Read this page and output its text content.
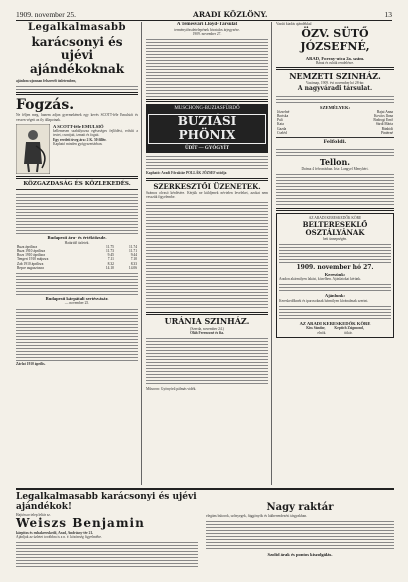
1909. november 25.	ARADI KÖZLÖNY.	13
Legalkalmasabb
karácsonyi és ujévi ajándékoknak
ajánlom ujonnan felszerelt üzletemben,
Fogzás.
Ne féljen meg, hanem adjon gyermekének egy kevés SCOTT-féle Emulsiót és vessen végett az ily állapotnak.
A SCOTT-féle EMULSIÓ
kellemesen szabályozza egészséges fejlődést, erősíti a testet, csontjait, izmait és fogait.
Egy eredeti üveg ára: 2 K. 50 fillér.
Kapható minden gyógyszertárban.
KÖZGAZDASÁG ÉS KÖZLEKEDÉS.
Budapesti áru- és értéktőzsde.
Határidő üzletek.
Buza áprilisra	11.75	11.74
Buza 1910 áprilisra	11.73	11.71
Rozs 1910 áprilisra	9.45	9.44
Tengeri 1910 májusra	7.11	7.10
Zab 1910 áprilisra	8.32	8.33
Repce augusztusra	14.10	14.06
Budapesti kárpátali sertésvásár.
— november 25.
Zárlat 1910 április.
A Temesvári Lloyd-Társulat
terménytőzsdetelepének hivatalos árjegyzése.
1909. november 27.
MUSCHONG-BUZIASFÜRDŐ
BUZIÁSI PHÖNIX
ÜDÍT — GYÓGYÍT
Kapható: Aradi Főraktár POLLÁK JÓZSEF utódja
SZERKESZTŐI ÜZENETEK.
Számos olvasó kérdésére. Kérjük ne küldjenek névtelen leveleket, azokat nem vesszük figyelembe.
URÁNIA SZINHÁZ.
(Szerda, november 24.)
Oláh Ferenczné és fia.
Műsoron: Gyönyörű pálmás vidék.
Vasúti kiadás ajándékkal
ÖZV. SÜTŐ JÓZSEFNÉ,
ARAD, Forray-utca 2a. szám.
Bánat és ruhák rendelésre.
NEMZETI SZINHÁZ.
Vasárnap, 1909. évi november hó 28-án:
A nagyváradi társulat.
SZEMÉLYEK:
Józsefné	Bajai Anna
Boriska	Kovács Ilona
Pali	Bodrogi Ernő
Kata	Sárdi Mária
Gazda	Bánhidi
Cseléd	Pintérné
Felfoldi.
Tellon.
Dráma 4 felvonásban. Irta: Langyel Menyhért.
AZ ARADI KERESKEDŐK KÖRE
BELTERESEKLŐ OSZTÁLYÁNAK
heti ünnepségén.
1909. november hó 27.
Keresünk:
Aradon akármilyen lakást, közelben. Ajánlatokat kérünk.
Ajánlunk:
Kereskedőknek és iparosoknak bármilyen kívánalmak szerint.
AZ ARADI KERESKEDŐK KÖRE
Kiss Sándor,          Keptich Zsigmond,
elnök.                    titkár.
Legalkalmasabb karácsonyi és ujévi ajándékok!
Hajtóssor telep leltár sz.
Weiszs Benjamin
kárpitos és ruhakereskedő, Arad, Andrássy-tér 21.
Ajánljuk az üzletet továbbra is a n. é. közönség figyelmébe.
Nagy raktár
elegáns bútorok, szőnyegek, függönyök és lakberendezési tárgyakban.
Szolid árak és pontos kiszolgálás.
